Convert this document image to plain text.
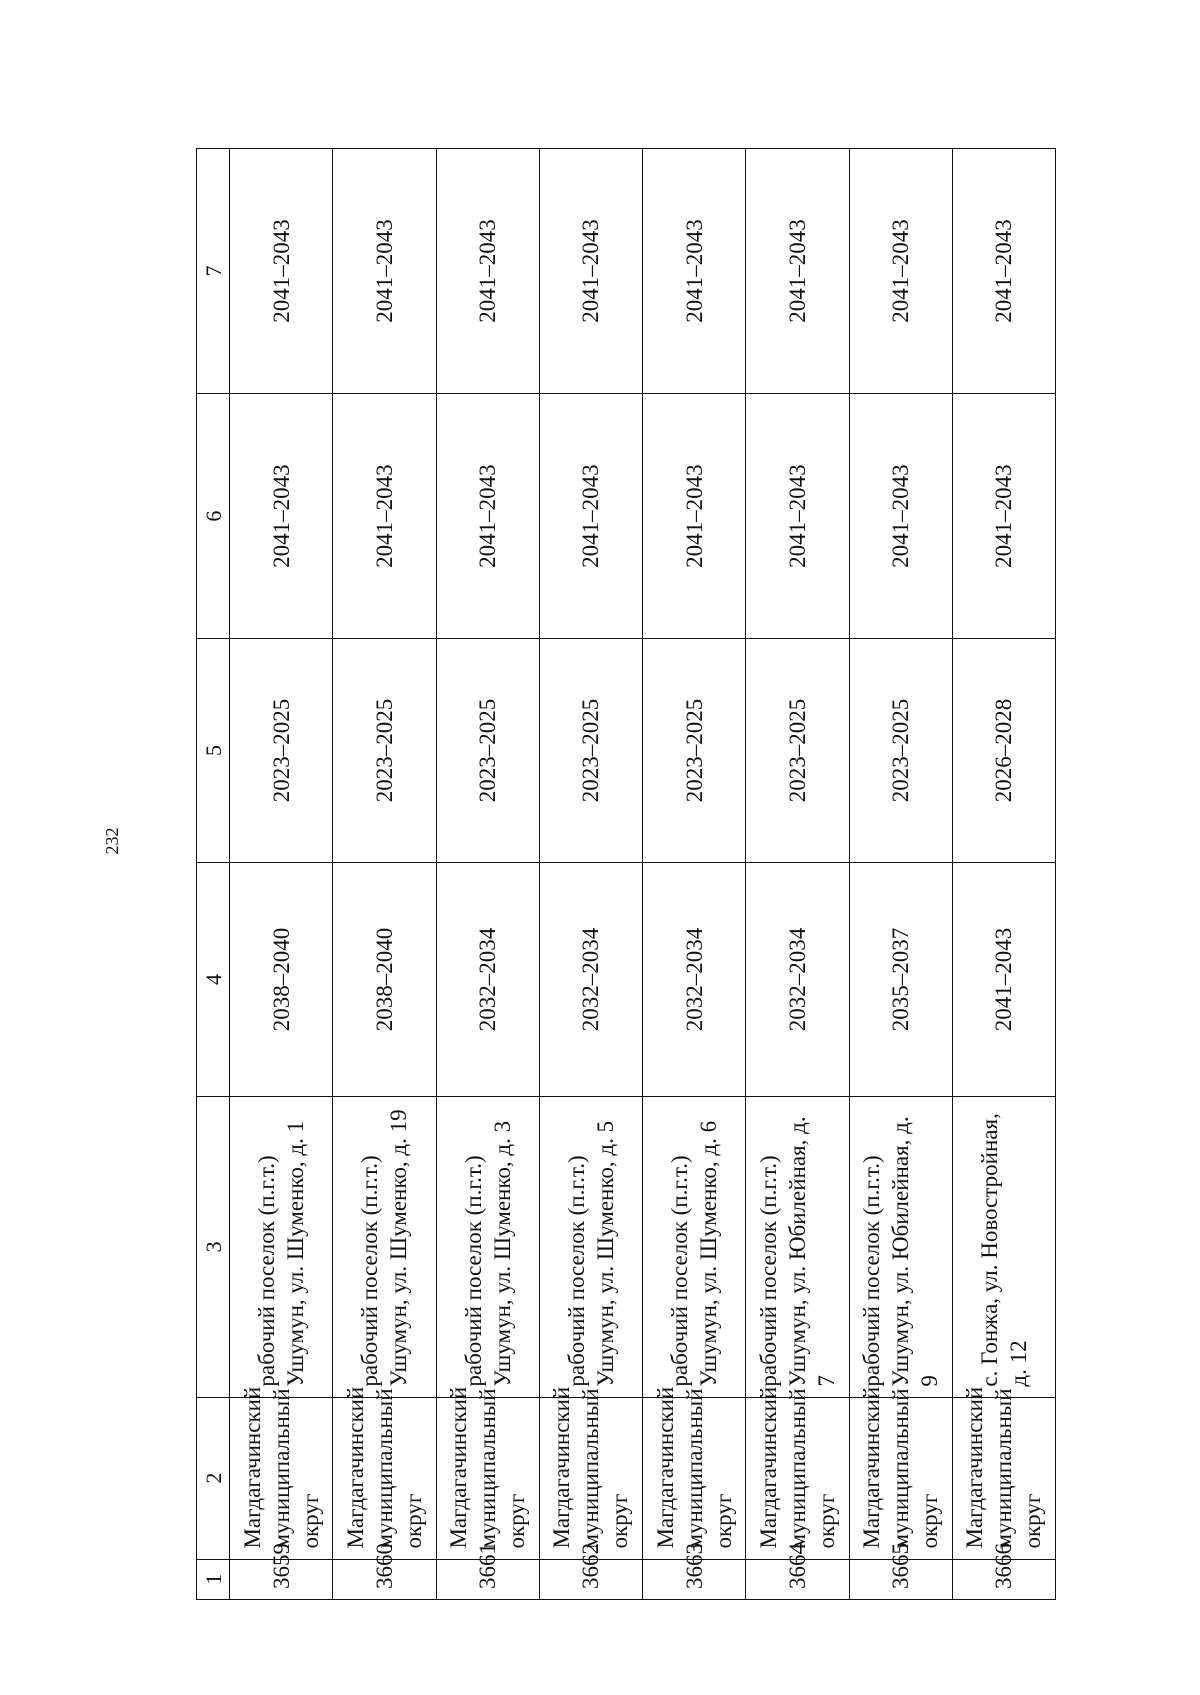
232
1	2	3	4	5	6	7
3659	Магдагачинский муниципальный округ	рабочий поселок (п.г.т.) Ушумун, ул. Шуменко, д. 1	2038–2040	2023–2025	2041–2043	2041–2043
3660	Магдагачинский муниципальный округ	рабочий поселок (п.г.т.) Ушумун, ул. Шуменко, д. 19	2038–2040	2023–2025	2041–2043	2041–2043
3661	Магдагачинский муниципальный округ	рабочий поселок (п.г.т.) Ушумун, ул. Шуменко, д. 3	2032–2034	2023–2025	2041–2043	2041–2043
3662	Магдагачинский муниципальный округ	рабочий поселок (п.г.т.) Ушумун, ул. Шуменко, д. 5	2032–2034	2023–2025	2041–2043	2041–2043
3663	Магдагачинский муниципальный округ	рабочий поселок (п.г.т.) Ушумун, ул. Шуменко, д. 6	2032–2034	2023–2025	2041–2043	2041–2043
3664	Магдагачинский муниципальный округ	рабочий поселок (п.г.т.) Ушумун, ул. Юбилейная, д. 7	2032–2034	2023–2025	2041–2043	2041–2043
3665	Магдагачинский муниципальный округ	рабочий поселок (п.г.т.) Ушумун, ул. Юбилейная, д. 9	2035–2037	2023–2025	2041–2043	2041–2043
3666	Магдагачинский муниципальный округ	с. Гонжа, ул. Новостройная, д. 12	2041–2043	2026–2028	2041–2043	2041–2043
